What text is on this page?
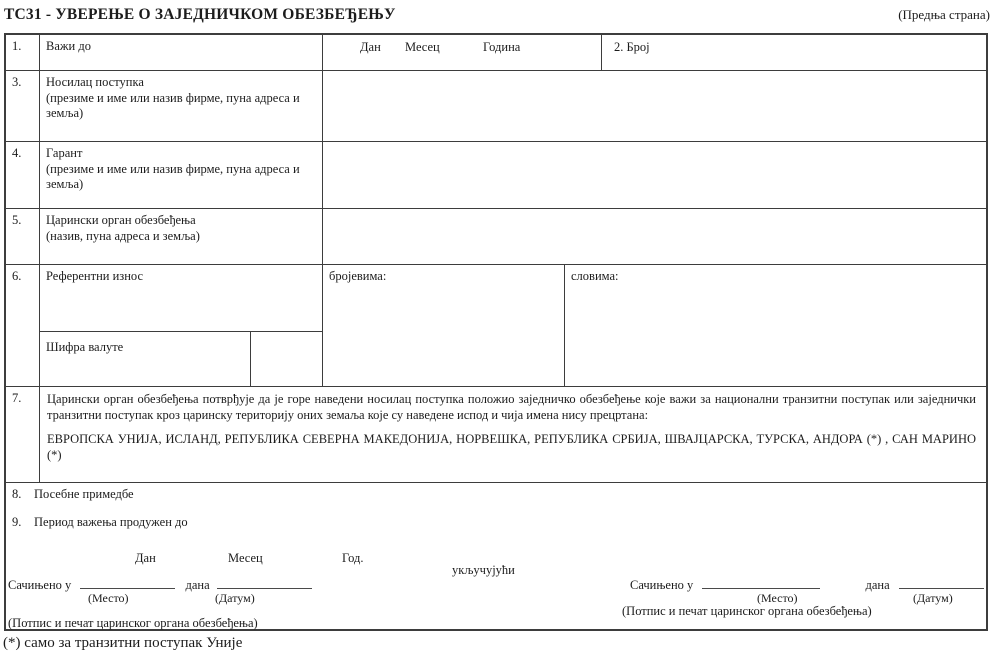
ТС31 - УВЕРЕЊЕ О ЗАЈЕДНИЧКОМ ОБЕЗБЕЂЕЊУ	(Предња страна)
1.	Важи до	Дан Месец	Година	2. Број
3.	Носилац поступка
(презиме и име или назив фирме, пуна адреса и земља)
4.	Гарант
(презиме и име или назив фирме, пуна адреса и земља)
5.	Царински орган обезбеђења
(назив, пуна адреса и земља)
6.	Референтни износ
Шифра валуте
бројевима:	словима:
7.	Царински орган обезбеђења потврђује да је горе наведени носилац поступка положио заједничко обезбеђење које важи за национални транзитни поступак или заједнички транзитни поступак кроз царинску територију оних земаља које су наведене испод и чија имена нису прецртана:
ЕВРОПСКА УНИЈА, ИСЛАНД, РЕПУБЛИКА СЕВЕРНА МАКЕДОНИЈА, НОРВЕШКА, РЕПУБЛИКА СРБИЈА, ШВАЈЦАРСКА, ТУРСКА, АНДОРА (*) , САН МАРИНО (*)
8. Посебне примедбе
9. Период важења продужен до
Дан	Месец	Год.
укључујући
Сачињено у	дана
(Место)	(Датум)
Сачињено у	дана
(Место)	(Датум)
(Потпис и печат царинског органа обезбеђења)
(Потпис и печат царинског органа обезбеђења)
(*) само за транзитни поступак Уније
